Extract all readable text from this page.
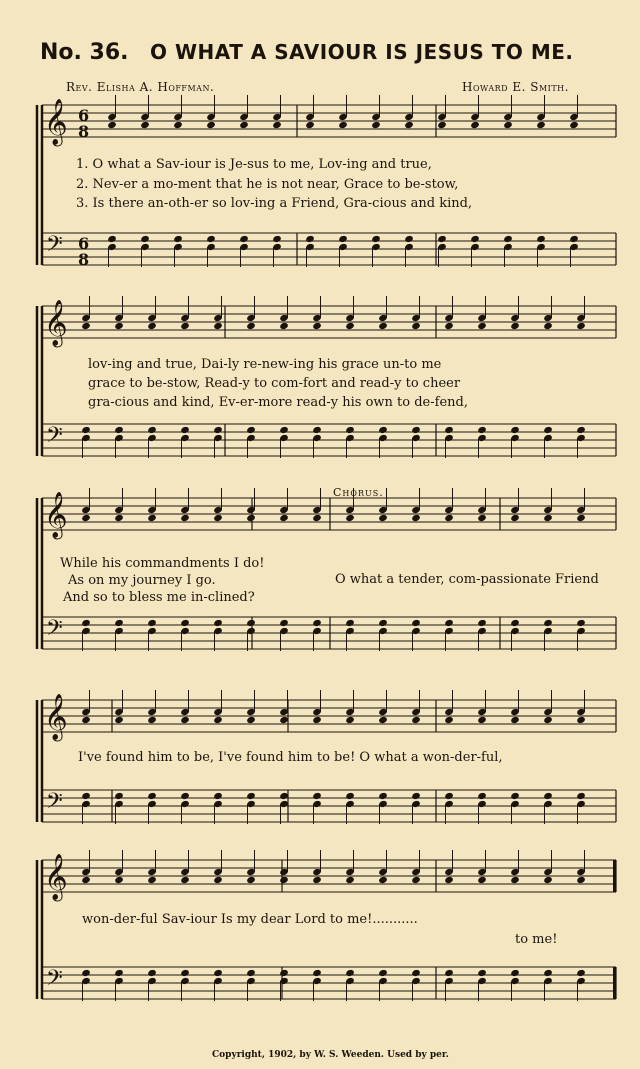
No. 36. O WHAT A SAVIOUR IS JESUS TO ME.
Rev. Elisha A. Hoffman.	Howard E. Smith.
𝄞
𝄢
6
8
6
8
𝄞
𝄢
𝄞
𝄢
𝄞
𝄢
𝄞
𝄢
1. O what a Sav-iour is Je-sus to me, Lov-ing and true,
2. Nev-er a mo-ment that he is not near, Grace to be-stow,
3. Is there an-oth-er so lov-ing a Friend, Gra-cious and kind,
lov-ing and true, Dai-ly re-new-ing his grace un-to me
grace to be-stow, Read-y to com-fort and read-y to cheer
gra-cious and kind, Ev-er-more read-y his own to de-fend,
Chorus.
While his commandments I do!
As on my journey I go.
And so to bless me in-clined?
O what a tender, com-passionate Friend
I've found him to be, I've found him to be! O what a won-der-ful,
won-der-ful Sav-iour Is my dear Lord to me!...........
to me!
Copyright, 1902, by W. S. Weeden. Used by per.
